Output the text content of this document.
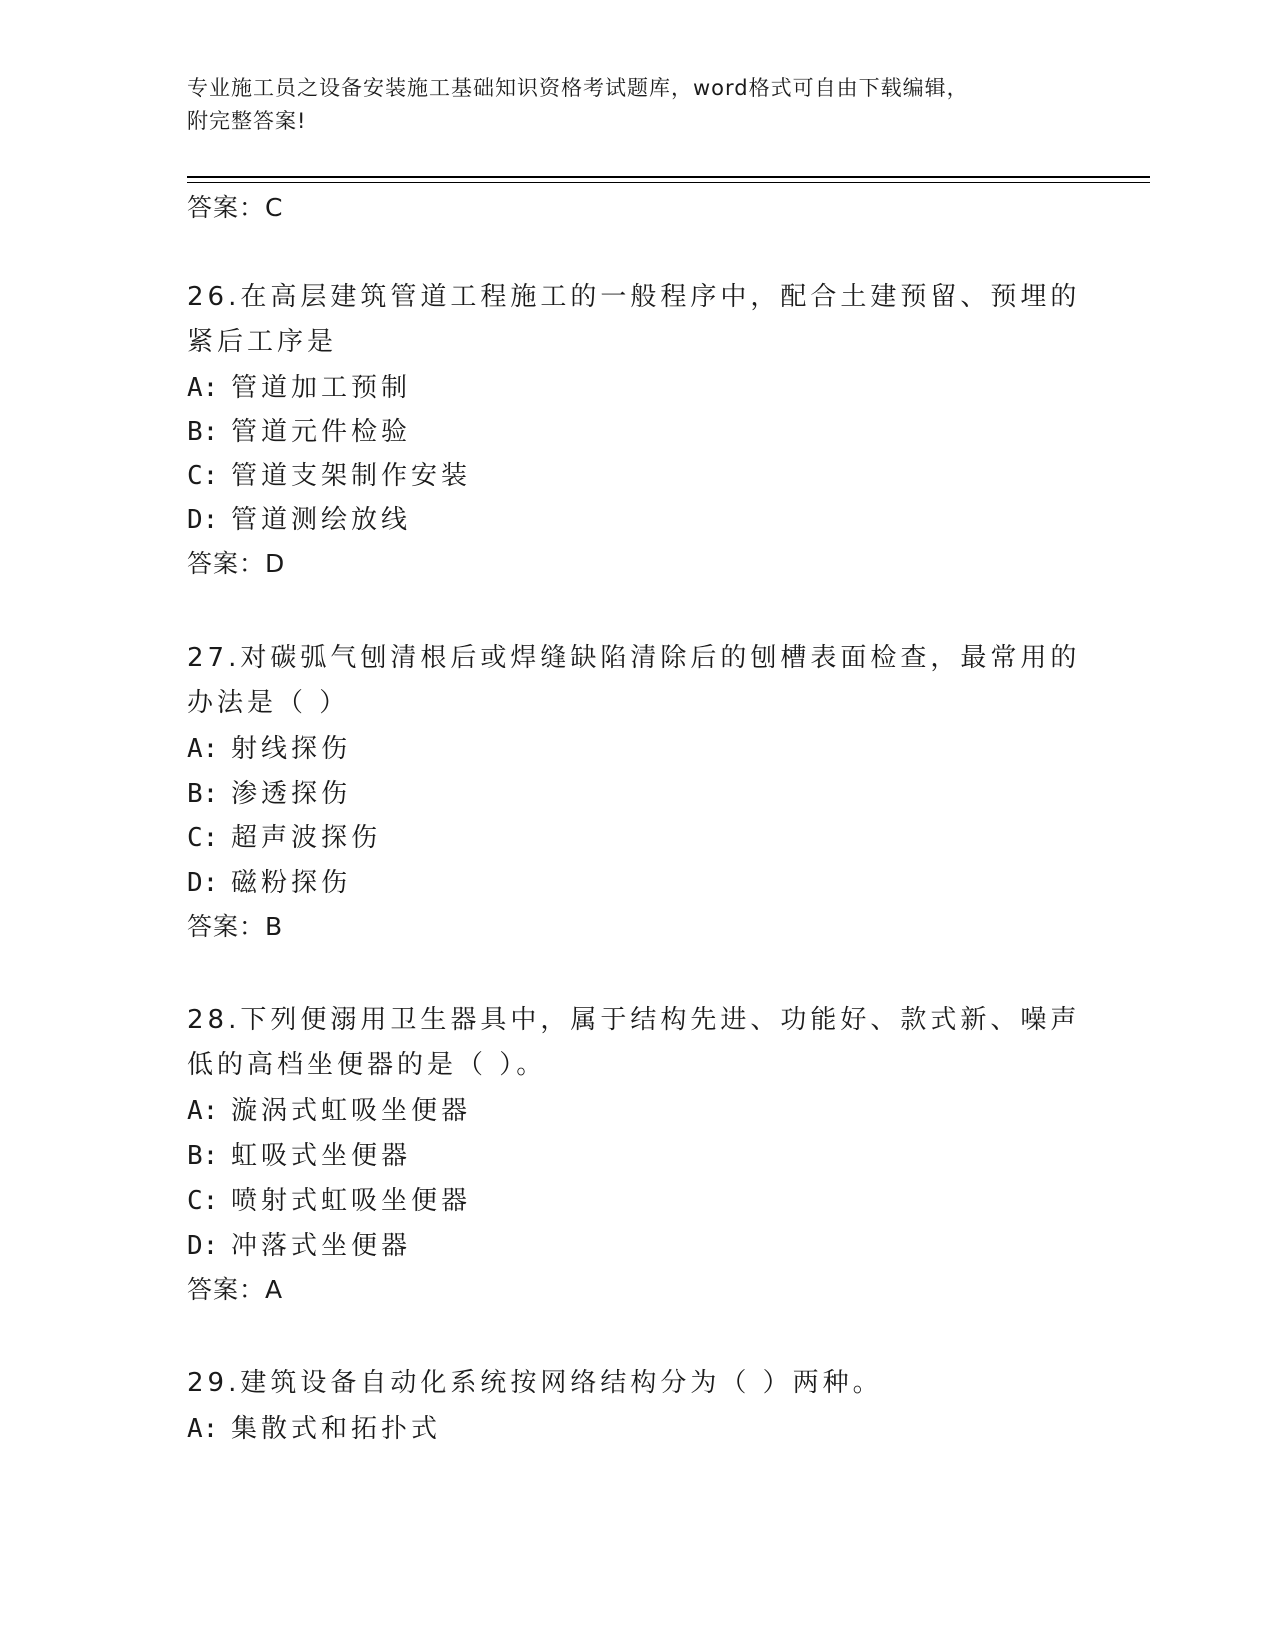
专业施工员之设备安装施工基础知识资格考试题库，word格式可自由下载编辑，
附完整答案!
答案：C
26.在高层建筑管道工程施工的一般程序中，配合土建预留、预埋的紧后工序是
A: 管道加工预制
B: 管道元件检验
C: 管道支架制作安装
D: 管道测绘放线
答案：D
27.对碳弧气刨清根后或焊缝缺陷清除后的刨槽表面检查，最常用的办法是（ ）
A: 射线探伤
B: 渗透探伤
C: 超声波探伤
D: 磁粉探伤
答案：B
28.下列便溺用卫生器具中，属于结构先进、功能好、款式新、噪声低的高档坐便器的是（ ）。
A: 漩涡式虹吸坐便器
B: 虹吸式坐便器
C: 喷射式虹吸坐便器
D: 冲落式坐便器
答案：A
29.建筑设备自动化系统按网络结构分为（ ）两种。
A: 集散式和拓扑式
